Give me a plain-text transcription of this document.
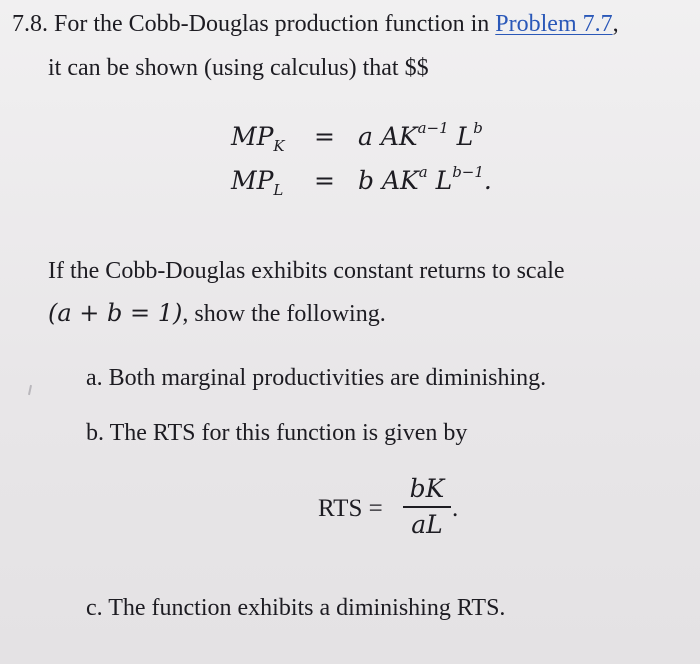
7.8. For the Cobb-Douglas production function in Problem 7.7,
it can be shown (using calculus) that $$
$MP_K$	= a $AK^{a-1}$ $L^b$
$MP_L$	= b $AK^a$ $L^{b-1}$.
If the Cobb-Douglas exhibits constant returns to scale
(a + b = 1), show the following.
a. Both marginal productivities are diminishing.
b. The RTS for this function is given by
RTS =
bK
aL
.
c. The function exhibits a diminishing RTS.
